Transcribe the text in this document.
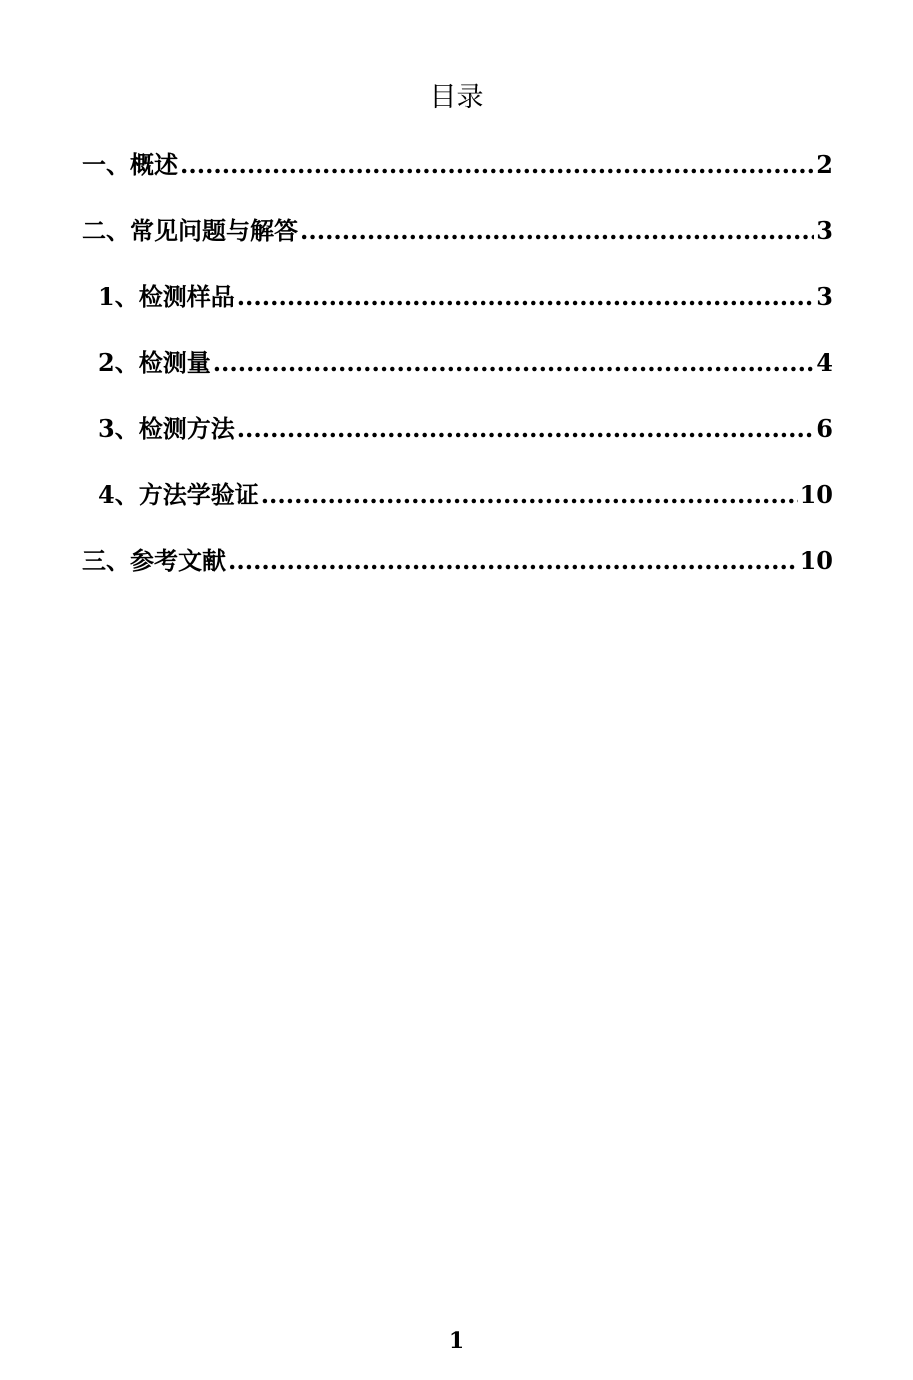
目录
一、概述 .....	2
二、常见问题与解答 .....	3
1、检测样品 .....	3
2、检测量 .....	4
3、检测方法 .....	6
4、方法学验证 .....	10
三、参考文献 .....	10
1
